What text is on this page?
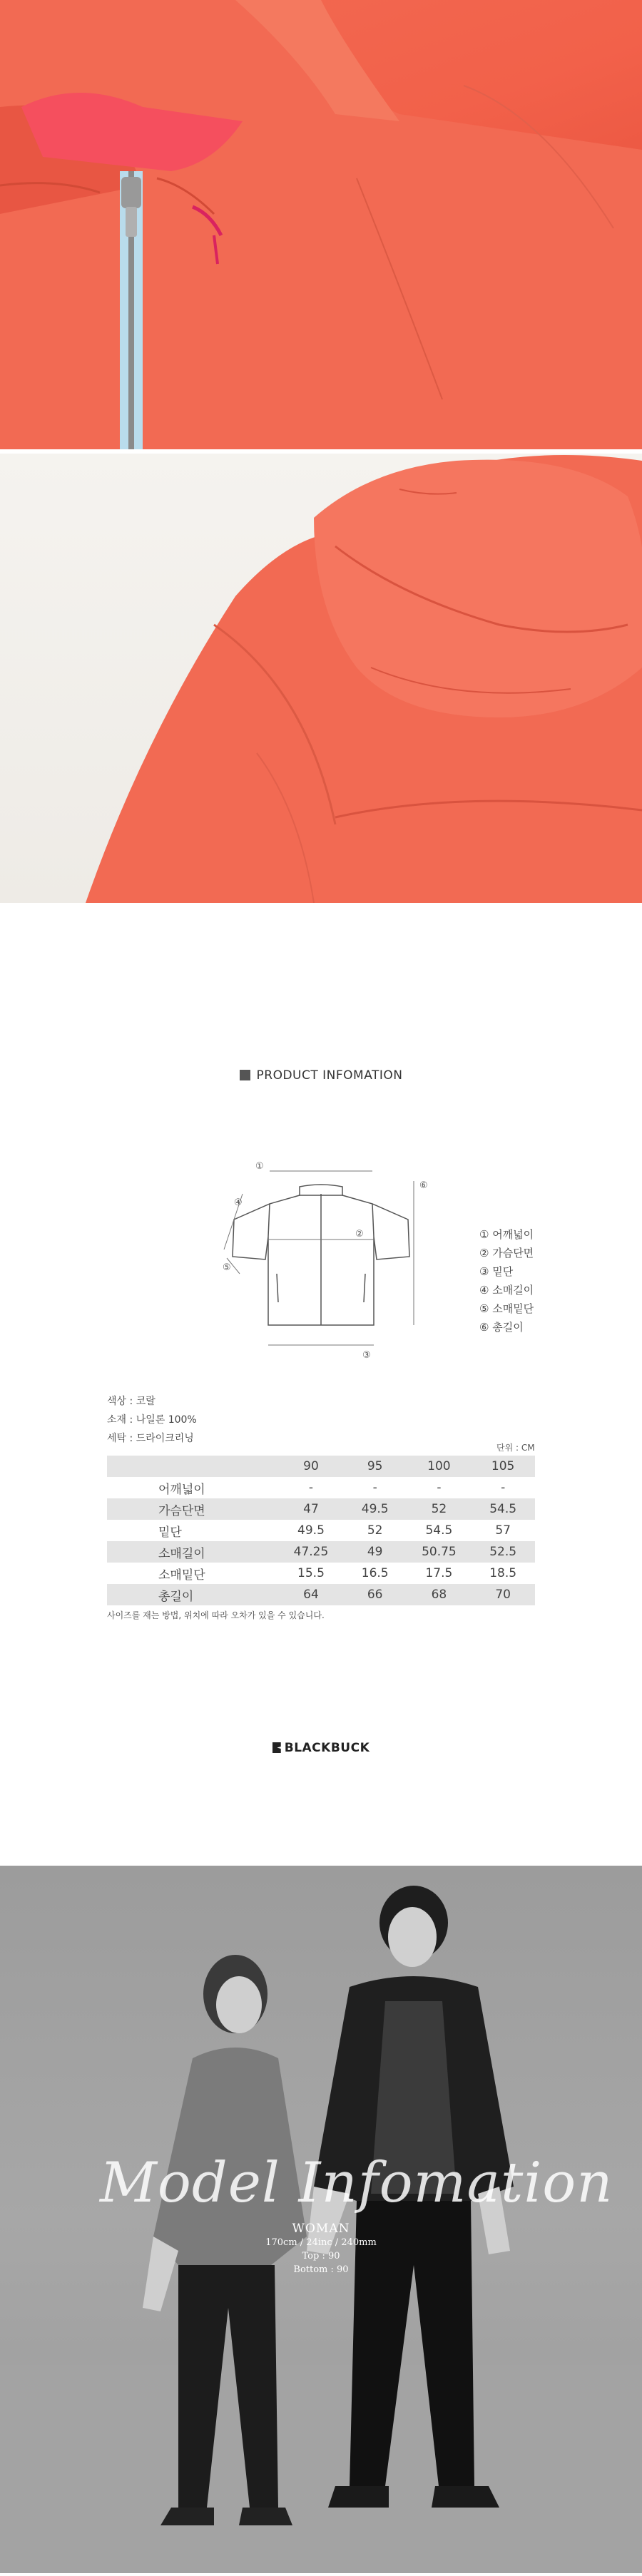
PRODUCT INFOMATION
①
②
③
④
⑤
⑥
① 어깨넓이
② 가슴단면
③ 밑단
④ 소매길이
⑤ 소매밑단
⑥ 총길이
색상 : 코랄
소재 : 나일론 100%
세탁 : 드라이크리닝
단위 : CM
	90	95	100	105
어깨넓이	-	-	-	-
가슴단면	47	49.5	52	54.5
밑단	49.5	52	54.5	57
소매길이	47.25	49	50.75	52.5
소매밑단	15.5	16.5	17.5	18.5
총길이	64	66	68	70
사이즈를 재는 방법, 위치에 따라 오차가 있을 수 있습니다.
BLACKBUCK
Model Infomation
WOMAN
170cm / 24inc / 240mm
Top : 90
Bottom : 90
